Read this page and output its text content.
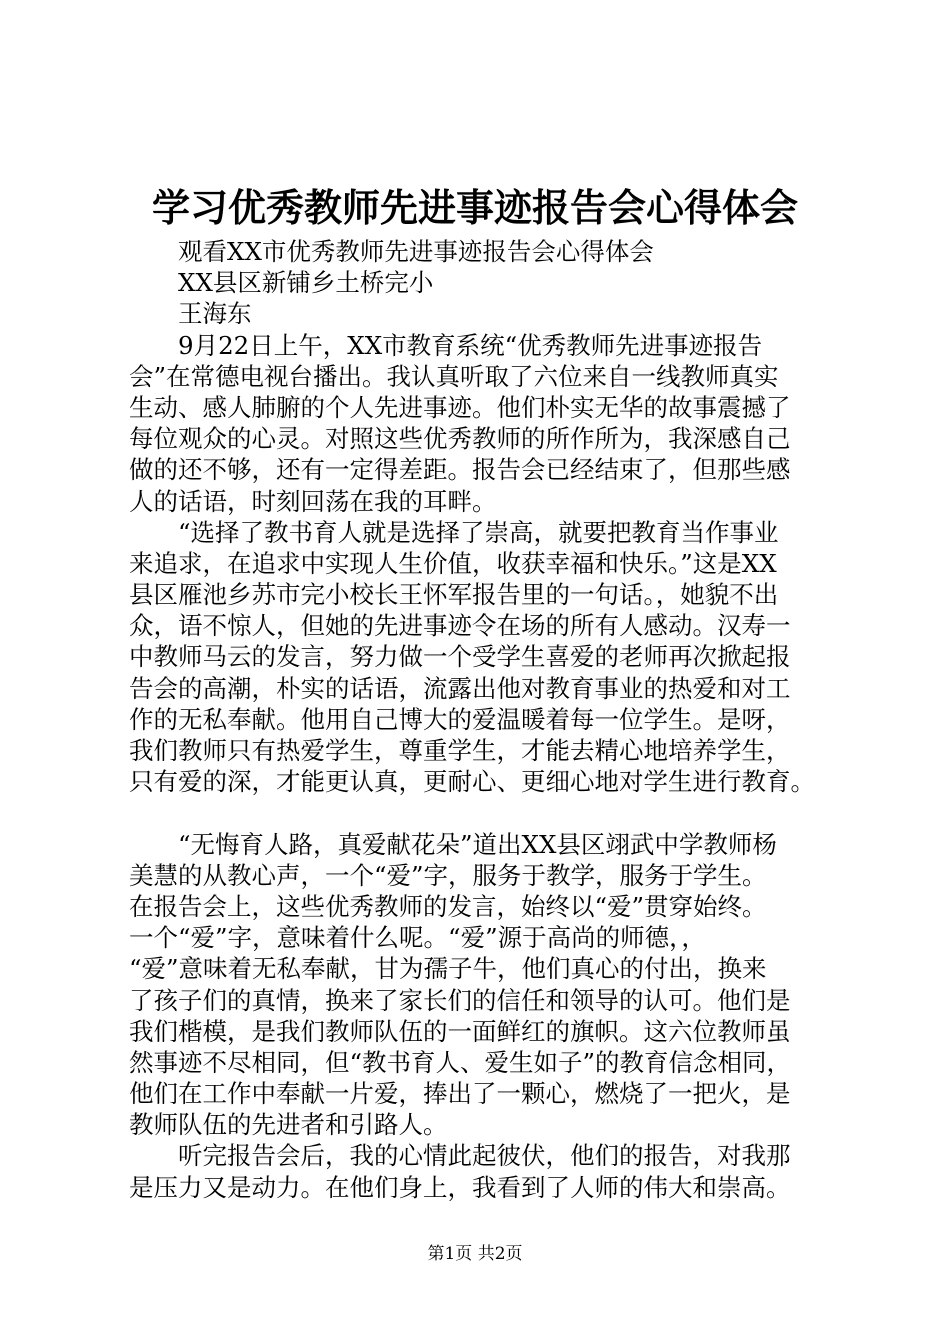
学习优秀教师先进事迹报告会心得体会

观看XX市优秀教师先进事迹报告会心得体会

XX县区新铺乡土桥完小

王海东

9月22日上午，XX市教育系统“优秀教师先进事迹报告

会”在常德电视台播出。我认真听取了六位来自一线教师真实

生动、感人肺腑的个人先进事迹。他们朴实无华的故事震撼了

每位观众的心灵。对照这些优秀教师的所作所为，我深感自己

做的还不够，还有一定得差距。报告会已经结束了，但那些感

人的话语，时刻回荡在我的耳畔。

“选择了教书育人就是选择了崇高，就要把教育当作事业

来追求，在追求中实现人生价值，收获幸福和快乐。”这是XX

县区雁池乡苏市完小校长王怀军报告里的一句话。，她貌不出

众，语不惊人，但她的先进事迹令在场的所有人感动。汉寿一

中教师马云的发言，努力做一个受学生喜爱的老师再次掀起报

告会的高潮，朴实的话语，流露出他对教育事业的热爱和对工

作的无私奉献。他用自己博大的爱温暖着每一位学生。是呀，

我们教师只有热爱学生，尊重学生，才能去精心地培养学生，

只有爱的深，才能更认真，更耐心、更细心地对学生进行教育。

“无悔育人路，真爱献花朵”道出XX县区翊武中学教师杨

美慧的从教心声，一个“爱”字，服务于教学，服务于学生。

在报告会上，这些优秀教师的发言，始终以“爱”贯穿始终。

一个“爱”字，意味着什么呢。“爱”源于高尚的师德，，

“爱”意味着无私奉献，甘为孺子牛，他们真心的付出，换来

了孩子们的真情，换来了家长们的信任和领导的认可。他们是

我们楷模，是我们教师队伍的一面鲜红的旗帜。这六位教师虽

然事迹不尽相同，但“教书育人、爱生如子”的教育信念相同，

他们在工作中奉献一片爱，捧出了一颗心，燃烧了一把火，是

教师队伍的先进者和引路人。

听完报告会后，我的心情此起彼伏，他们的报告，对我那

是压力又是动力。在他们身上，我看到了人师的伟大和崇高。

第1页 共2页
